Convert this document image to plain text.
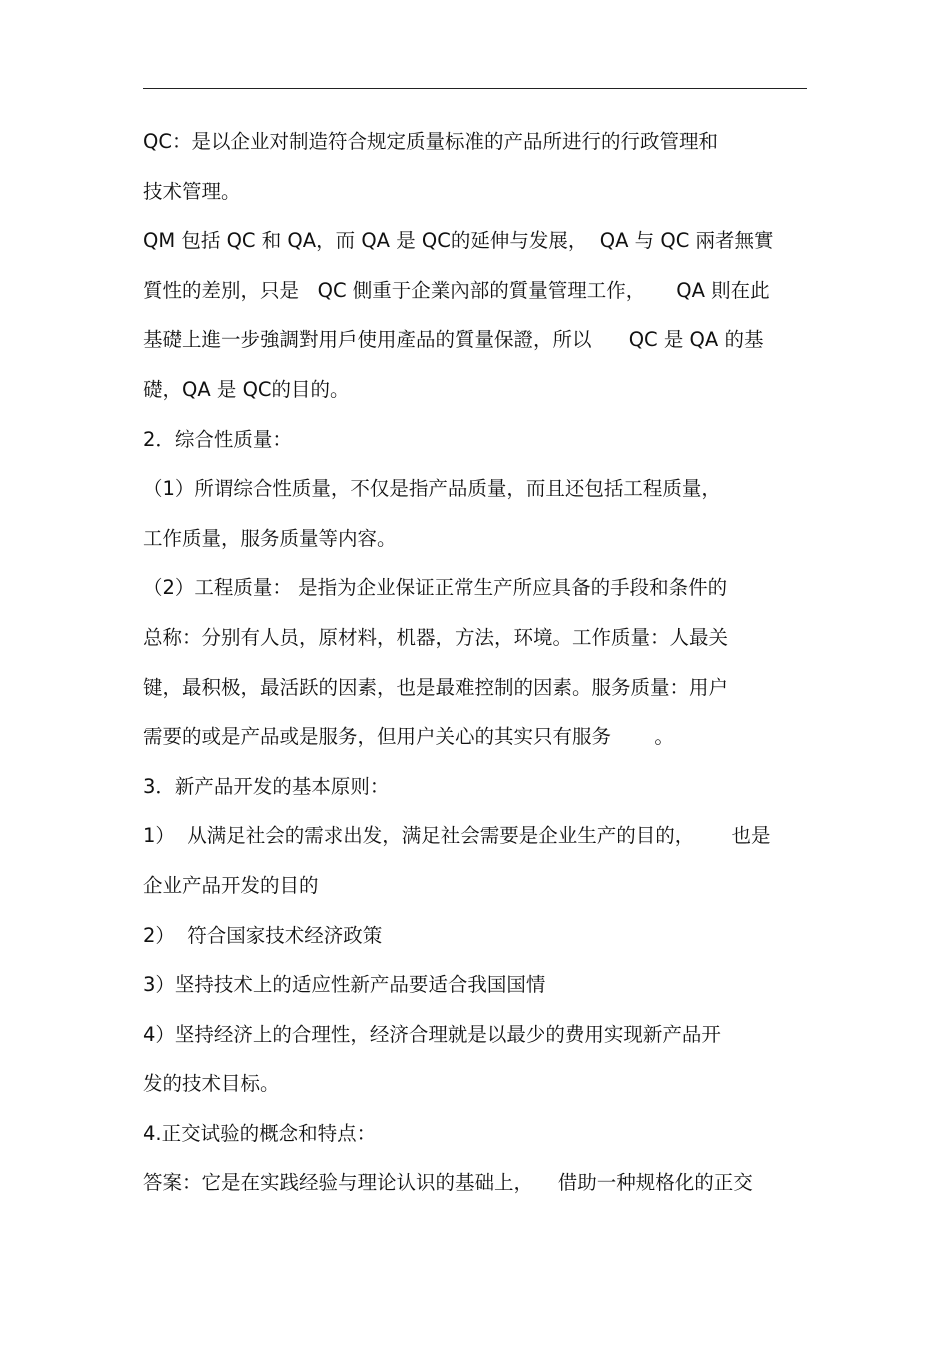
QC：是以企业对制造符合规定质量标准的产品所进行的行政管理和
技术管理。
QM 包括 QC 和 QA，而 QA 是 QC的延伸与发展，  QA 与 QC 兩者無實
質性的差別，只是   QC 側重于企業內部的質量管理工作，     QA 則在此
基礎上進一步強調對用戶使用產品的質量保證，所以      QC 是 QA 的基
礎，QA 是 QC的目的。
2．综合性质量：
（1）所谓综合性质量，不仅是指产品质量，而且还包括工程质量，
工作质量，服务质量等内容。
（2）工程质量： 是指为企业保证正常生产所应具备的手段和条件的
总称：分别有人员，原材料，机器，方法，环境。工作质量：人最关
键，最积极，最活跃的因素，也是最难控制的因素。服务质量：用户
需要的或是产品或是服务，但用户关心的其实只有服务       。
3．新产品开发的基本原则：
1）  从满足社会的需求出发，满足社会需要是企业生产的目的，      也是
企业产品开发的目的
2）  符合国家技术经济政策
3）坚持技术上的适应性新产品要适合我国国情
4）坚持经济上的合理性，经济合理就是以最少的费用实现新产品开
发的技术目标。
4.正交试验的概念和特点：
答案：它是在实践经验与理论认识的基础上，    借助一种规格化的正交
